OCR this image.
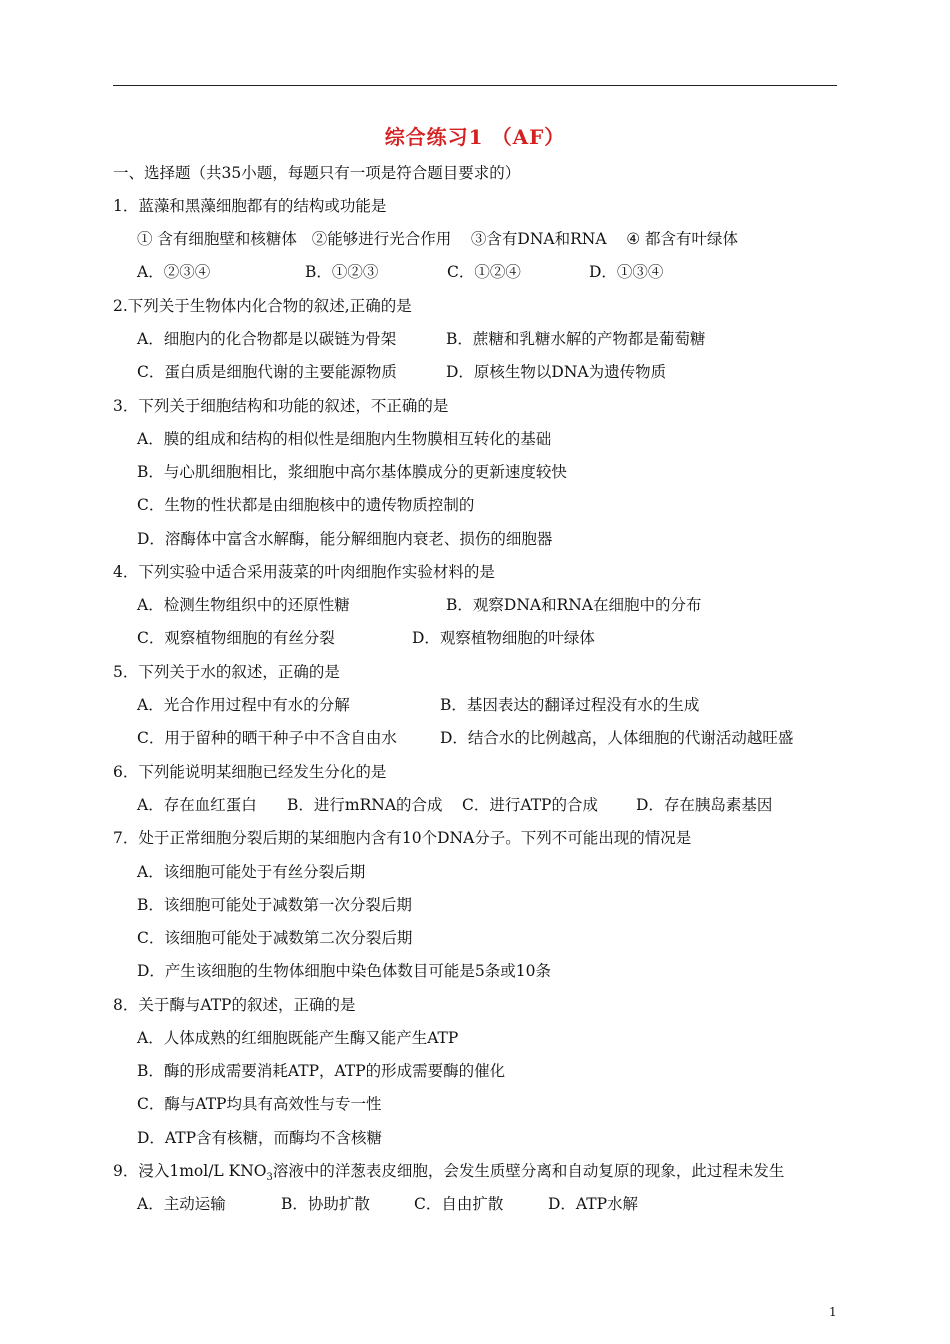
综合练习1 （AF）
一、选择题（共35小题，每题只有一项是符合题目要求的）
1．蓝藻和黑藻细胞都有的结构或功能是
① 含有细胞壁和核糖体   ②能够进行光合作用    ③含有DNA和RNA    ④ 都含有叶绿体
A．②③④	B．①②③	C．①②④	D．①③④
2.下列关于生物体内化合物的叙述,正确的是
A．细胞内的化合物都是以碳链为骨架	B．蔗糖和乳糖水解的产物都是葡萄糖
C．蛋白质是细胞代谢的主要能源物质	D．原核生物以DNA为遗传物质
3．下列关于细胞结构和功能的叙述，不正确的是
A．膜的组成和结构的相似性是细胞内生物膜相互转化的基础
B．与心肌细胞相比，浆细胞中高尔基体膜成分的更新速度较快
C．生物的性状都是由细胞核中的遗传物质控制的
D．溶酶体中富含水解酶，能分解细胞内衰老、损伤的细胞器
4．下列实验中适合采用菠菜的叶肉细胞作实验材料的是
A．检测生物组织中的还原性糖	B．观察DNA和RNA在细胞中的分布
C．观察植物细胞的有丝分裂	D．观察植物细胞的叶绿体
5．下列关于水的叙述，正确的是
A．光合作用过程中有水的分解	B．基因表达的翻译过程没有水的生成
C．用于留种的晒干种子中不含自由水	D．结合水的比例越高，人体细胞的代谢活动越旺盛
6．下列能说明某细胞已经发生分化的是
A．存在血红蛋白 B．进行mRNA的合成 C．进行ATP的合成 D．存在胰岛素基因
7．处于正常细胞分裂后期的某细胞内含有10个DNA分子。下列不可能出现的情况是
A．该细胞可能处于有丝分裂后期
B．该细胞可能处于减数第一次分裂后期
C．该细胞可能处于减数第二次分裂后期
D．产生该细胞的生物体细胞中染色体数目可能是5条或10条
8．关于酶与ATP的叙述，正确的是
A．人体成熟的红细胞既能产生酶又能产生ATP
B．酶的形成需要消耗ATP，ATP的形成需要酶的催化
C．酶与ATP均具有高效性与专一性
D．ATP含有核糖，而酶均不含核糖
9．浸入1mol/L $KNO_3$溶液中的洋葱表皮细胞，会发生质壁分离和自动复原的现象，此过程未发生
A．主动运输	B．协助扩散	C．自由扩散	D．ATP水解
1
